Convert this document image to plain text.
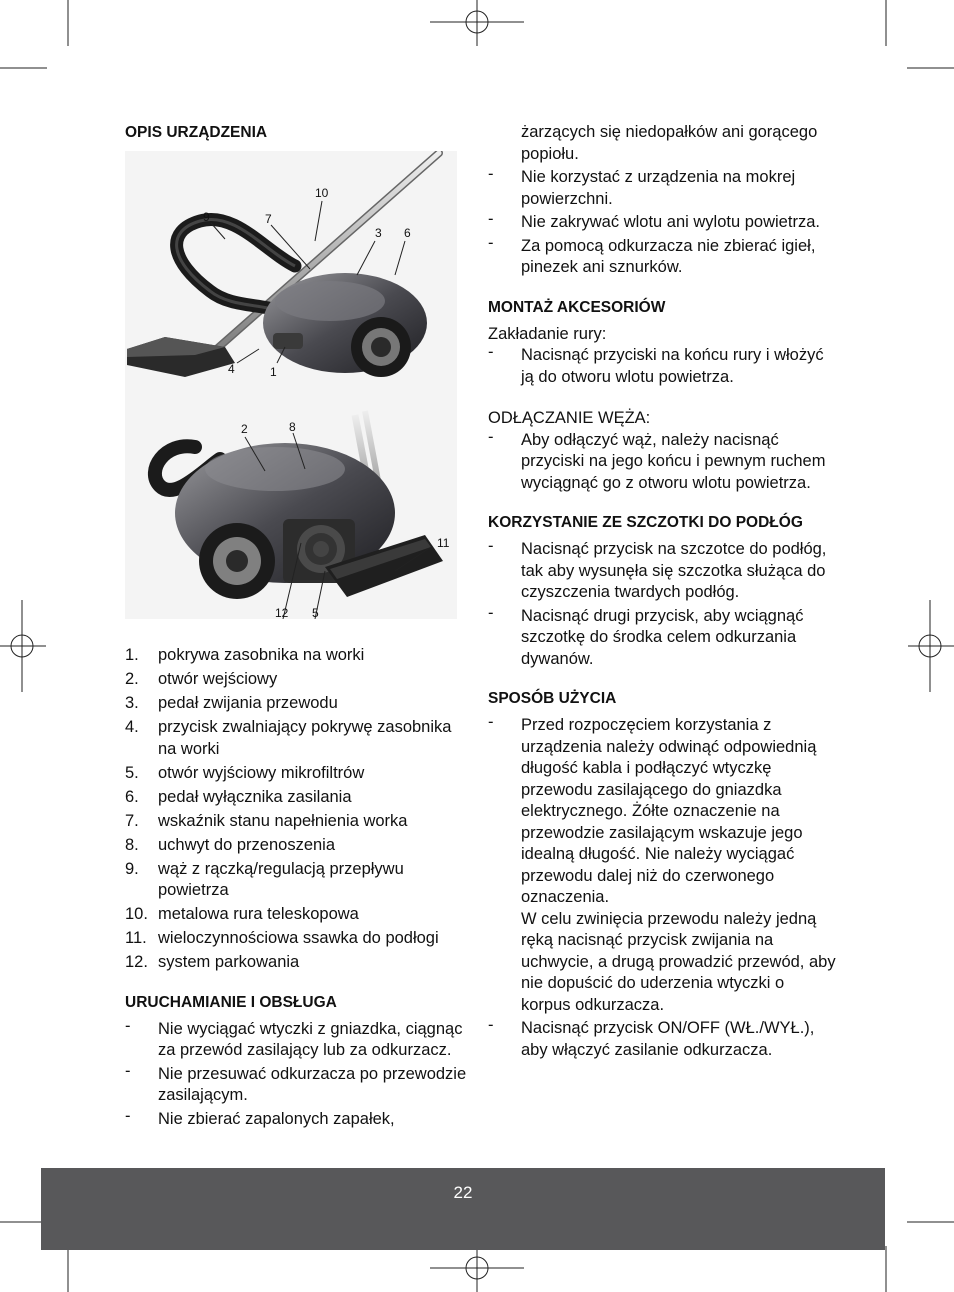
OPIS URZĄDZENIA
10
9	7
3 6
4	1
2	8
11
12 5
1. pokrywa zasobnika na worki
2. otwór wejściowy
3. pedał zwijania przewodu
4. przycisk zwalniający pokrywę zasobnika na worki
5. otwór wyjściowy mikrofiltrów
6. pedał wyłącznika zasilania
7. wskaźnik stanu napełnienia worka
8. uchwyt do przenoszenia
9. wąż z rączką/regulacją przepływu powietrza
10. metalowa rura teleskopowa
11. wieloczynnościowa ssawka do podłogi
12. system parkowania
URUCHAMIANIE I OBSŁUGA
- Nie wyciągać wtyczki z gniazdka, ciągnąc za przewód zasilający lub za odkurzacz.
- Nie przesuwać odkurzacza po przewodzie zasilającym.
- Nie zbierać zapalonych zapałek,

żarzących się niedopałków ani gorącego popiołu.

- Nie korzystać z urządzenia na mokrej powierzchni.
- Nie zakrywać wlotu ani wylotu powietrza.
- Za pomocą odkurzacza nie zbierać igieł, pinezek ani sznurków.
MONTAŻ AKCESORIÓW

Zakładanie rury:

- Nacisnąć przyciski na końcu rury i włożyć ją do otworu wlotu powietrza.

ODŁĄCZANIE WĘŻA:

- Aby odłączyć wąż, należy nacisnąć przyciski na jego końcu i pewnym ruchem wyciągnąć go z otworu wlotu powietrza.
KORZYSTANIE ZE SZCZOTKI DO PODŁÓG
- Nacisnąć przycisk na szczotce do podłóg, tak aby wysunęła się szczotka służąca do czyszczenia twardych podłóg.
- Nacisnąć drugi przycisk, aby wciągnąć szczotkę do środka celem odkurzania dywanów.
SPOSÓB UŻYCIA
- Przed rozpoczęciem korzystania z urządzenia należy odwinąć odpowiednią długość kabla i podłączyć wtyczkę przewodu zasilającego do gniazdka elektrycznego. Żółte oznaczenie na przewodzie zasilającym wskazuje jego idealną długość. Nie należy wyciągać przewodu dalej niż do czerwonego oznaczenia.
W celu zwinięcia przewodu należy jedną ręką nacisnąć przycisk zwijania na uchwycie, a drugą prowadzić przewód, aby nie dopuścić do uderzenia wtyczki o korpus odkurzacza.
- Nacisnąć przycisk ON/OFF (WŁ./WYŁ.), aby włączyć zasilanie odkurzacza.
22
